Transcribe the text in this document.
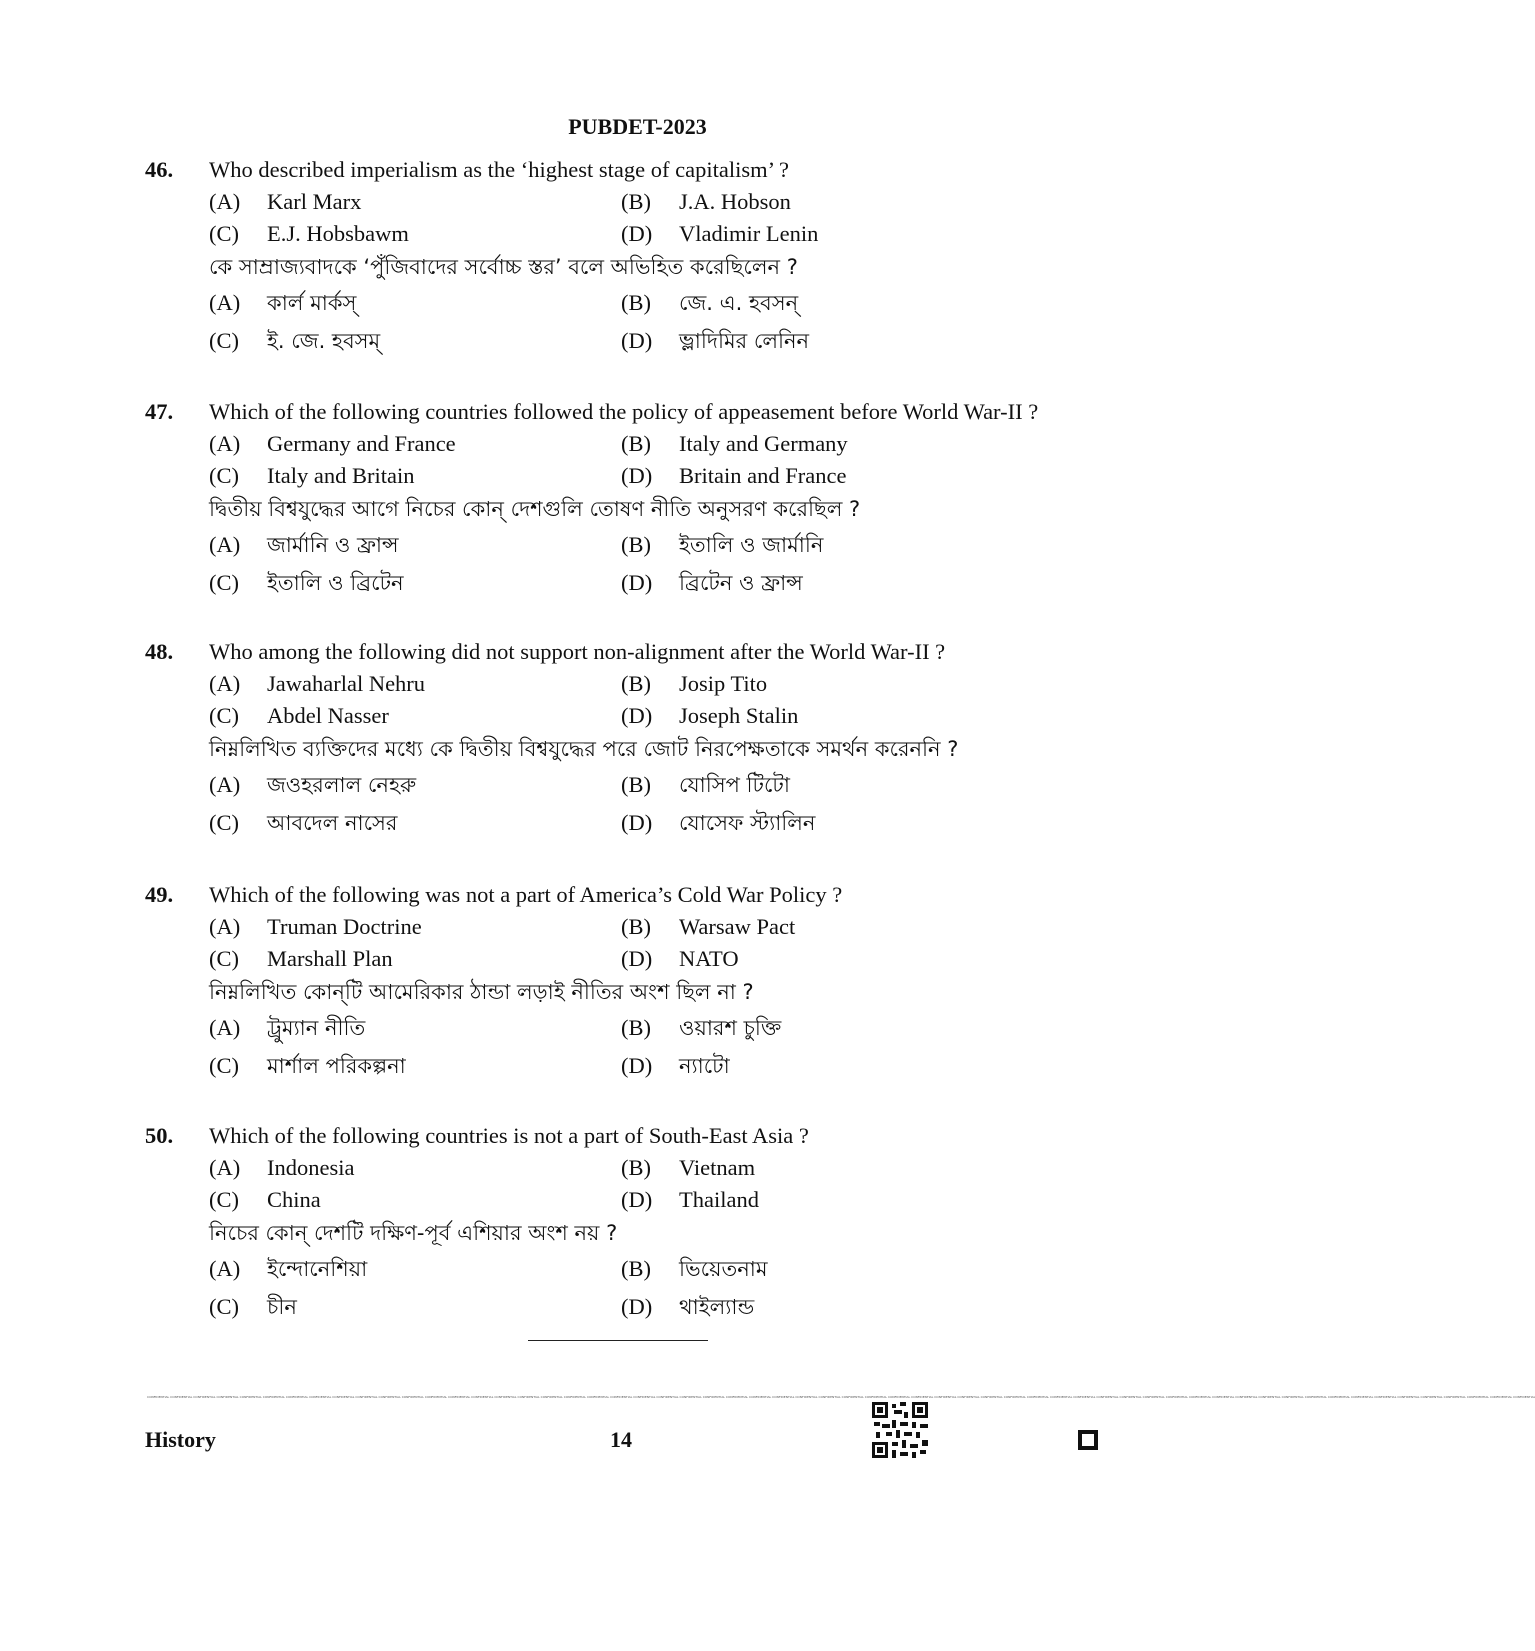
PUBDET-2023
46. Who described imperialism as the ‘highest stage of capitalism’ ?
(A) Karl Marx	(B) J.A. Hobson
(C) E.J. Hobsbawm	(D) Vladimir Lenin
কে সাম্রাজ্যবাদকে ‘পুঁজিবাদের সর্বোচ্চ স্তর’ বলে অভিহিত করেছিলেন ?
(A) কার্ল মার্কস্	(B) জে. এ. হবসন্
(C) ই. জে. হবসম্	(D) ভ্লাদিমির লেনিন
47. Which of the following countries followed the policy of appeasement before World War-II ?
(A) Germany and France	(B) Italy and Germany
(C) Italy and Britain	(D) Britain and France
দ্বিতীয় বিশ্বযুদ্ধের আগে নিচের কোন্ দেশগুলি তোষণ নীতি অনুসরণ করেছিল ?
(A) জার্মানি ও ফ্রান্স	(B) ইতালি ও জার্মানি
(C) ইতালি ও ব্রিটেন	(D) ব্রিটেন ও ফ্রান্স
48. Who among the following did not support non-alignment after the World War-II ?
(A) Jawaharlal Nehru	(B) Josip Tito
(C) Abdel Nasser	(D) Joseph Stalin
নিম্নলিখিত ব্যক্তিদের মধ্যে কে দ্বিতীয় বিশ্বযুদ্ধের পরে জোট নিরপেক্ষতাকে সমর্থন করেননি ?
(A) জওহরলাল নেহরু	(B) যোসিপ টিটো
(C) আবদেল নাসের	(D) যোসেফ স্ট্যালিন
49. Which of the following was not a part of America’s Cold War Policy ?
(A) Truman Doctrine	(B) Warsaw Pact
(C) Marshall Plan	(D) NATO
নিম্নলিখিত কোন্‌টি আমেরিকার ঠান্ডা লড়াই নীতির অংশ ছিল না ?
(A) ট্রুম্যান নীতি	(B) ওয়ারশ চুক্তি
(C) মার্শাল পরিকল্পনা	(D) ন্যাটো
50. Which of the following countries is not a part of South-East Asia ?
(A) Indonesia	(B) Vietnam
(C) China	(D) Thailand
নিচের কোন্ দেশটি দক্ষিণ-পূর্ব এশিয়ার অংশ নয় ?
(A) ইন্দোনেশিয়া	(B) ভিয়েতনাম
(C) চীন	(D) থাইল্যান্ড
CONFIDENTIAL CONFIDENTIAL CONFIDENTIAL CONFIDENTIAL CONFIDENTIAL CONFIDENTIAL CONFIDENTIAL CONFIDENTIAL CONFIDENTIAL CONFIDENTIAL CONFIDENTIAL CONFIDENTIAL CONFIDENTIAL CONFIDENTIAL CONFIDENTIAL CONFIDENTIAL CONFIDENTIAL CONFIDENTIAL CONFIDENTIAL CONFIDENTIAL CONFIDENTIAL CONFIDENTIAL CONFIDENTIAL CONFIDENTIAL CONFIDENTIAL CONFIDENTIAL CONFIDENTIAL CONFIDENTIAL CONFIDENTIAL CONFIDENTIAL CONFIDENTIAL CONFIDENTIAL CONFIDENTIAL CONFIDENTIAL CONFIDENTIAL CONFIDENTIAL CONFIDENTIAL CONFIDENTIAL CONFIDENTIAL CONFIDENTIAL CONFIDENTIAL CONFIDENTIAL CONFIDENTIAL CONFIDENTIAL CONFIDENTIAL CONFIDENTIAL CONFIDENTIAL CONFIDENTIAL CONFIDENTIAL CONFIDENTIAL CONFIDENTIAL CONFIDENTIAL CONFIDENTIAL CONFIDENTIAL CONFIDENTIAL CONFIDENTIAL CONFIDENTIAL CONFIDENTIAL CONFIDENTIAL CONFIDENTIAL
History	14
